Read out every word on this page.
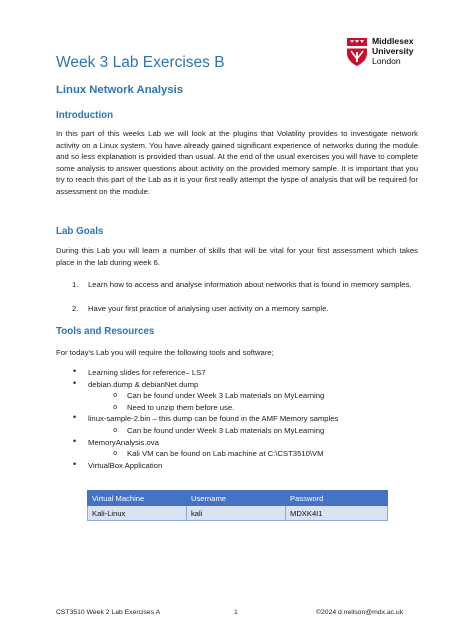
Middlesex
University
London
Week 3 Lab Exercises B
Linux Network Analysis
Introduction
In this part of this weeks Lab we will look at the plugins that Volatility provides to investigate network activity on a Linux system. You have already gained significant experience of networks during the module and so less explanation is provided than usual. At the end of the usual exercises you will have to complete some analysis to answer questions about activity on the provided memory sample. It is important that you try to reach this part of the Lab as it is your first really attempt the tyspe of analysis that will be required for assessment on the module.
Lab Goals
During this Lab you will learn a number of skills that will be vital for your first assessment which takes place in the lab during week 6.
1. Learn how to access and analyse information about networks that is found in memory samples.
2. Have your first practice of analysing user activity on a memory sample.
Tools and Resources
For today’s Lab you will require the following tools and software;
• Learning slides for reference– LS7
• debian.dump & debianNet.dump
o Can be found under Week 3 Lab materials on MyLearning
o Need to unzip them before use.
• linux-sample-2.bin – this dump can be found in the AMF Memory samples
o Can be found under Week 3 Lab materials on MyLearning
• MemoryAnalysis.ova
o Kali VM can be found on Lab machine at C:\CST3510\VM
• VirtualBox Application
Virtual Machine	Username	Password
Kali-Linux	kali	MDXK4I1
CST3510 Week 2 Lab Exercises A	1	©2024 d.neilson@mdx.ac.uk
